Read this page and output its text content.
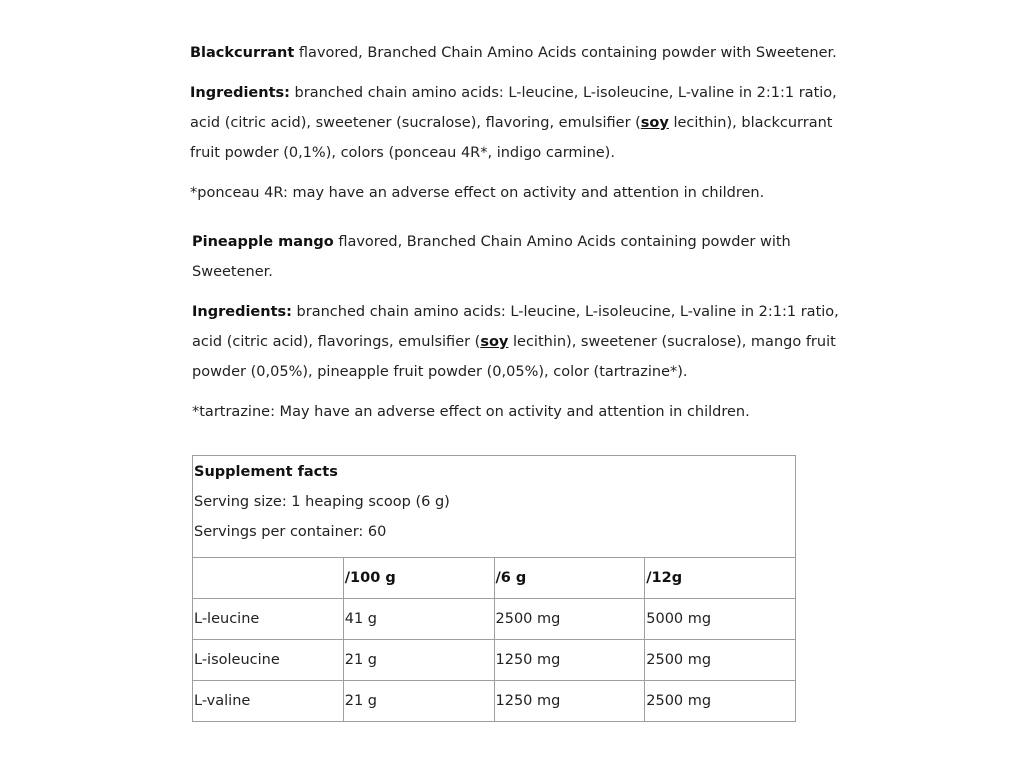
Blackcurrant flavored, Branched Chain Amino Acids containing powder with Sweetener.

Ingredients: branched chain amino acids: L-leucine, L-isoleucine, L-valine in 2:1:1 ratio, acid (citric acid), sweetener (sucralose), flavoring, emulsifier (soy lecithin), blackcurrant fruit powder (0,1%), colors (ponceau 4R*, indigo carmine).

*ponceau 4R: may have an adverse effect on activity and attention in children.

Pineapple mango flavored, Branched Chain Amino Acids containing powder with Sweetener.

Ingredients: branched chain amino acids: L-leucine, L-isoleucine, L-valine in 2:1:1 ratio, acid (citric acid), flavorings, emulsifier (soy lecithin), sweetener (sucralose), mango fruit powder (0,05%), pineapple fruit powder (0,05%), color (tartrazine*).

*tartrazine: May have an adverse effect on activity and attention in children.

Supplement facts
Serving size: 1 heaping scoop (6 g)
Servings per container: 60			

	/100 g	/6 g	/12g
L-leucine	41 g	2500 mg	5000 mg
L-isoleucine	21 g	1250 mg	2500 mg
L-valine	21 g	1250 mg	2500 mg
